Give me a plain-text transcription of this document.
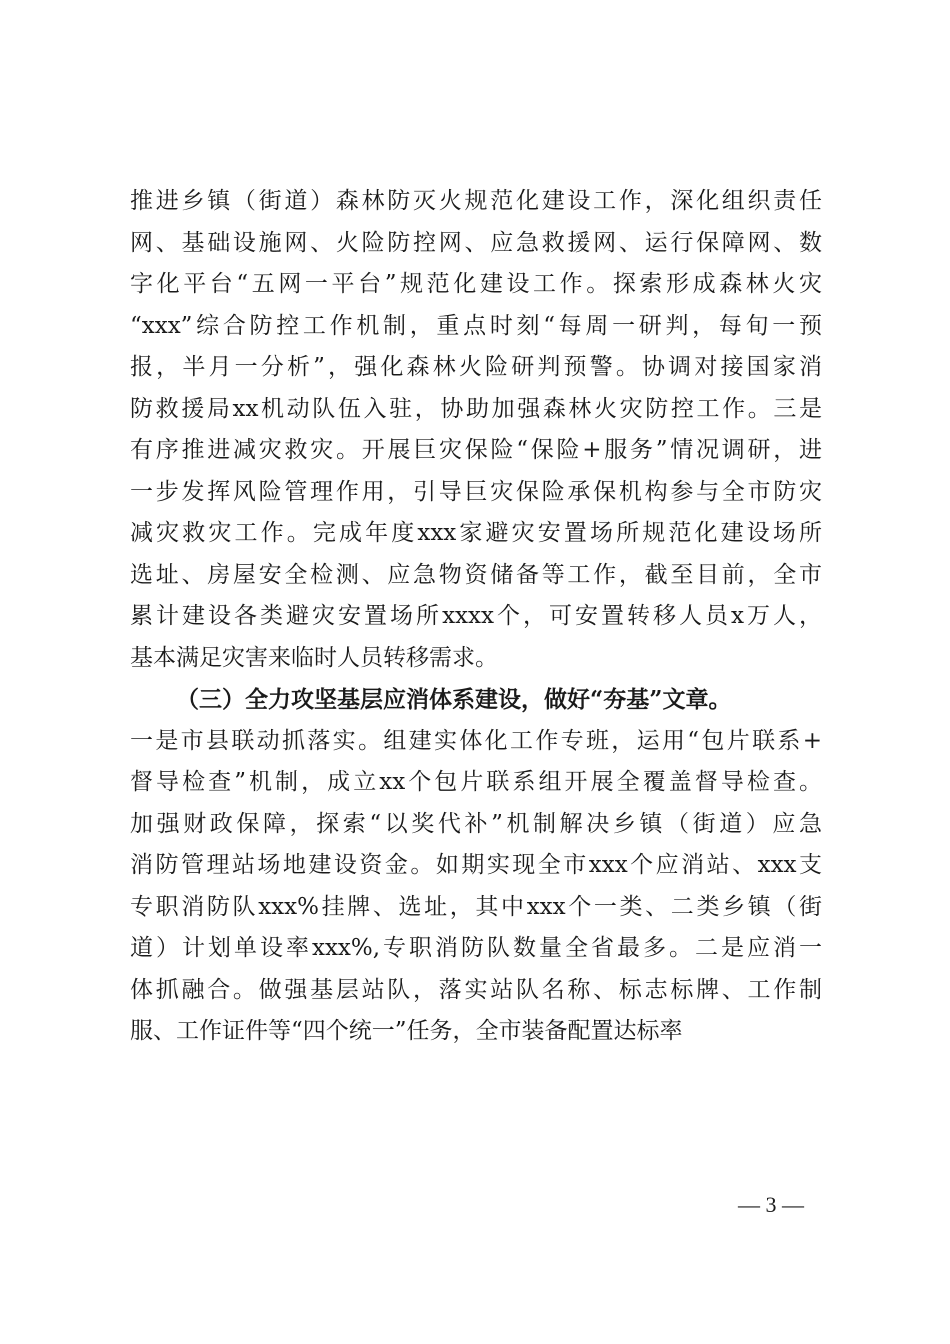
推进乡镇（街道）森林防灭火规范化建设工作，深化组织责任
网、基础设施网、火险防控网、应急救援网、运行保障网、数
字化平台“五网一平台”规范化建设工作。探索形成森林火灾
“xxx”综合防控工作机制，重点时刻“每周一研判，每旬一预
报，半月一分析”，强化森林火险研判预警。协调对接国家消
防救援局xx机动队伍入驻，协助加强森林火灾防控工作。三是
有序推进减灾救灾。开展巨灾保险“保险+服务”情况调研，进
一步发挥风险管理作用，引导巨灾保险承保机构参与全市防灾
减灾救灾工作。完成年度xxx家避灾安置场所规范化建设场所
选址、房屋安全检测、应急物资储备等工作，截至目前，全市
累计建设各类避灾安置场所xxxx个，可安置转移人员x万人，
基本满足灾害来临时人员转移需求。
（三）全力攻坚基层应消体系建设，做好“夯基”文章。
一是市县联动抓落实。组建实体化工作专班，运用“包片联系+
督导检查”机制，成立xx个包片联系组开展全覆盖督导检查。
加强财政保障，探索“以奖代补”机制解决乡镇（街道）应急
消防管理站场地建设资金。如期实现全市xxx个应消站、xxx支
专职消防队xxx%挂牌、选址，其中xxx个一类、二类乡镇（街
道）计划单设率xxx%,专职消防队数量全省最多。二是应消一
体抓融合。做强基层站队，落实站队名称、标志标牌、工作制
服、工作证件等“四个统一”任务，全市装备配置达标率
— 3 —
